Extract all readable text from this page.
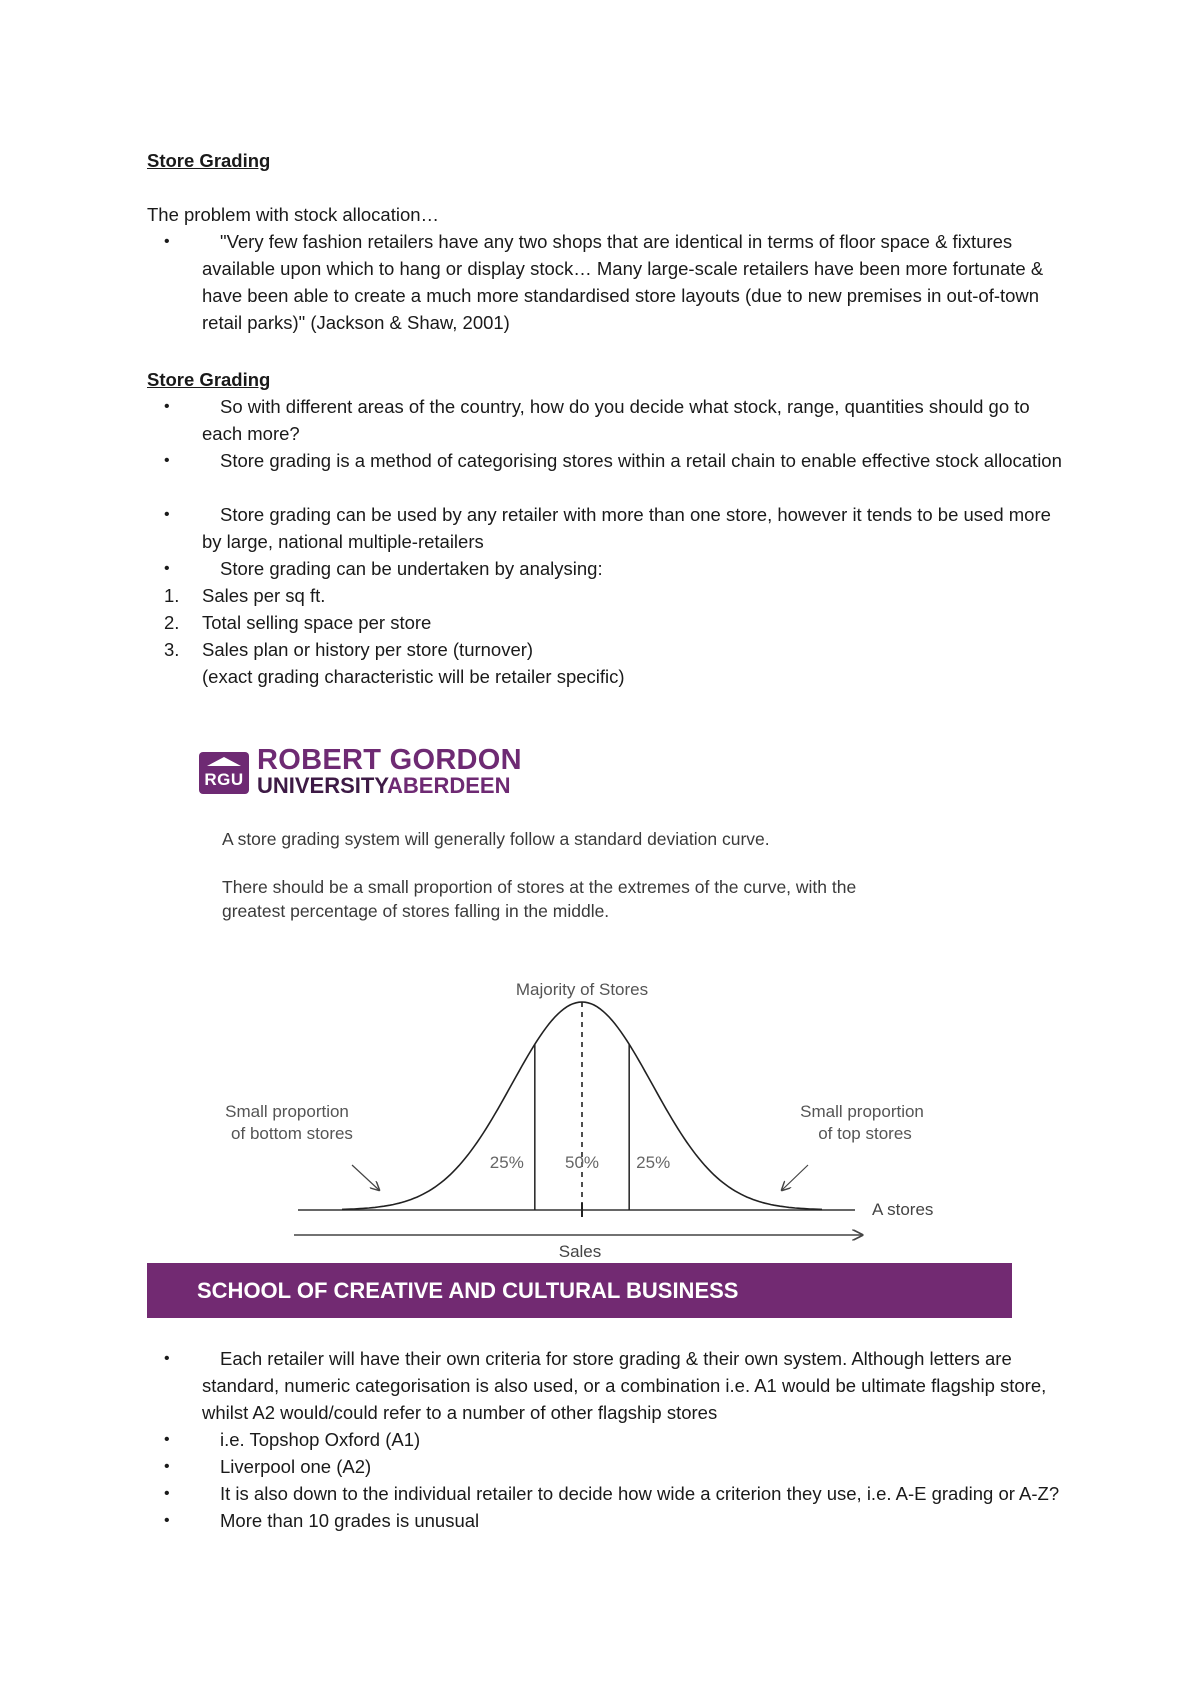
Store Grading

The problem with stock allocation…

•	"Very few fashion retailers have any two shops that are identical in terms of floor space & fixtures available upon which to hang or display stock… Many large-scale retailers have been more fortunate & have been able to create a much more standardised store layouts (due to new premises in out-of-town retail parks)" (Jackson & Shaw, 2001)

Store Grading

•	So with different areas of the country, how do you decide what stock, range, quantities should go to each more?
•	Store grading is a method of categorising stores within a retail chain to enable effective stock allocation
•	Store grading can be used by any retailer with more than one store, however it tends to be used more by large, national multiple-retailers
•	Store grading can be undertaken by analysing:
1. Sales per sq ft.
2. Total selling space per store
3. Sales plan or history per store (turnover)

(exact grading characteristic will be retailer specific)

RGU
ROBERT GORDON
UNIVERSITYABERDEEN
A store grading system will generally follow a standard deviation curve.
There should be a small proportion of stores at the extremes of the curve, with the
greatest percentage of stores falling in the middle.
Majority of Stores
A stores
Sales
25% 50% 25%
Small proportion
of bottom stores
Small proportion
of top stores
SCHOOL OF CREATIVE AND CULTURAL BUSINESS
•	Each retailer will have their own criteria for store grading & their own system. Although letters are standard, numeric categorisation is also used, or a combination i.e. A1 would be ultimate flagship store, whilst A2 would/could refer to a number of other flagship stores
•	i.e. Topshop Oxford (A1)
•	Liverpool one (A2)
•	It is also down to the individual retailer to decide how wide a criterion they use, i.e. A-E grading or A-Z?
•	More than 10 grades is unusual
